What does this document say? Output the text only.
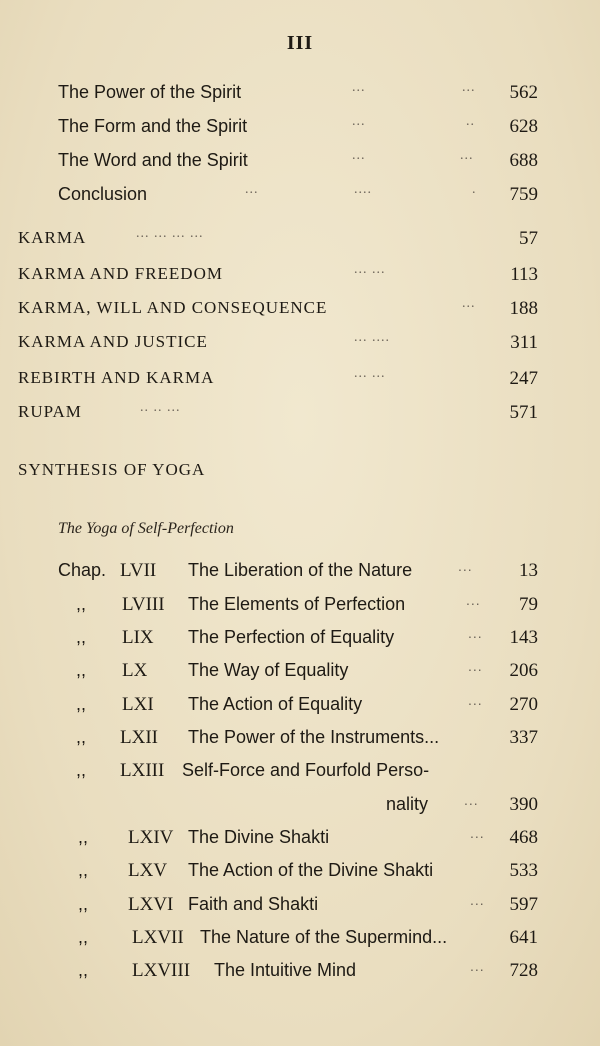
III
The Power of the Spirit	...	... 562
The Form and the Spirit	...	.. 628
The Word and the Spirit	...	... 688
Conclusion	...	....	. 759
KARMA	... ... ... ...	57
KARMA AND FREEDOM	... ...	113
KARMA, WILL AND CONSEQUENCE	... 188
KARMA AND JUSTICE	... ....	311
REBIRTH AND KARMA	... ...	247
RUPAM	.. .. ...	571
SYNTHESIS OF YOGA
The Yoga of Self-Perfection
Chap. LVII The Liberation of the Nature	... 13
,, LVIII The Elements of Perfection	... 79
,, LIX The Perfection of Equality	... 143
,, LX The Way of Equality	... 206
,, LXI The Action of Equality	... 270
,, LXII The Power of the Instruments...	337
,, LXIII Self-Force and Fourfold Perso-
nality	... 390
,, LXIV The Divine Shakti	... 468
,, LXV The Action of the Divine Shakti	533
,, LXVI Faith and Shakti	... 597
,, LXVII The Nature of the Supermind...	641
,, LXVIII The Intuitive Mind	... 728
